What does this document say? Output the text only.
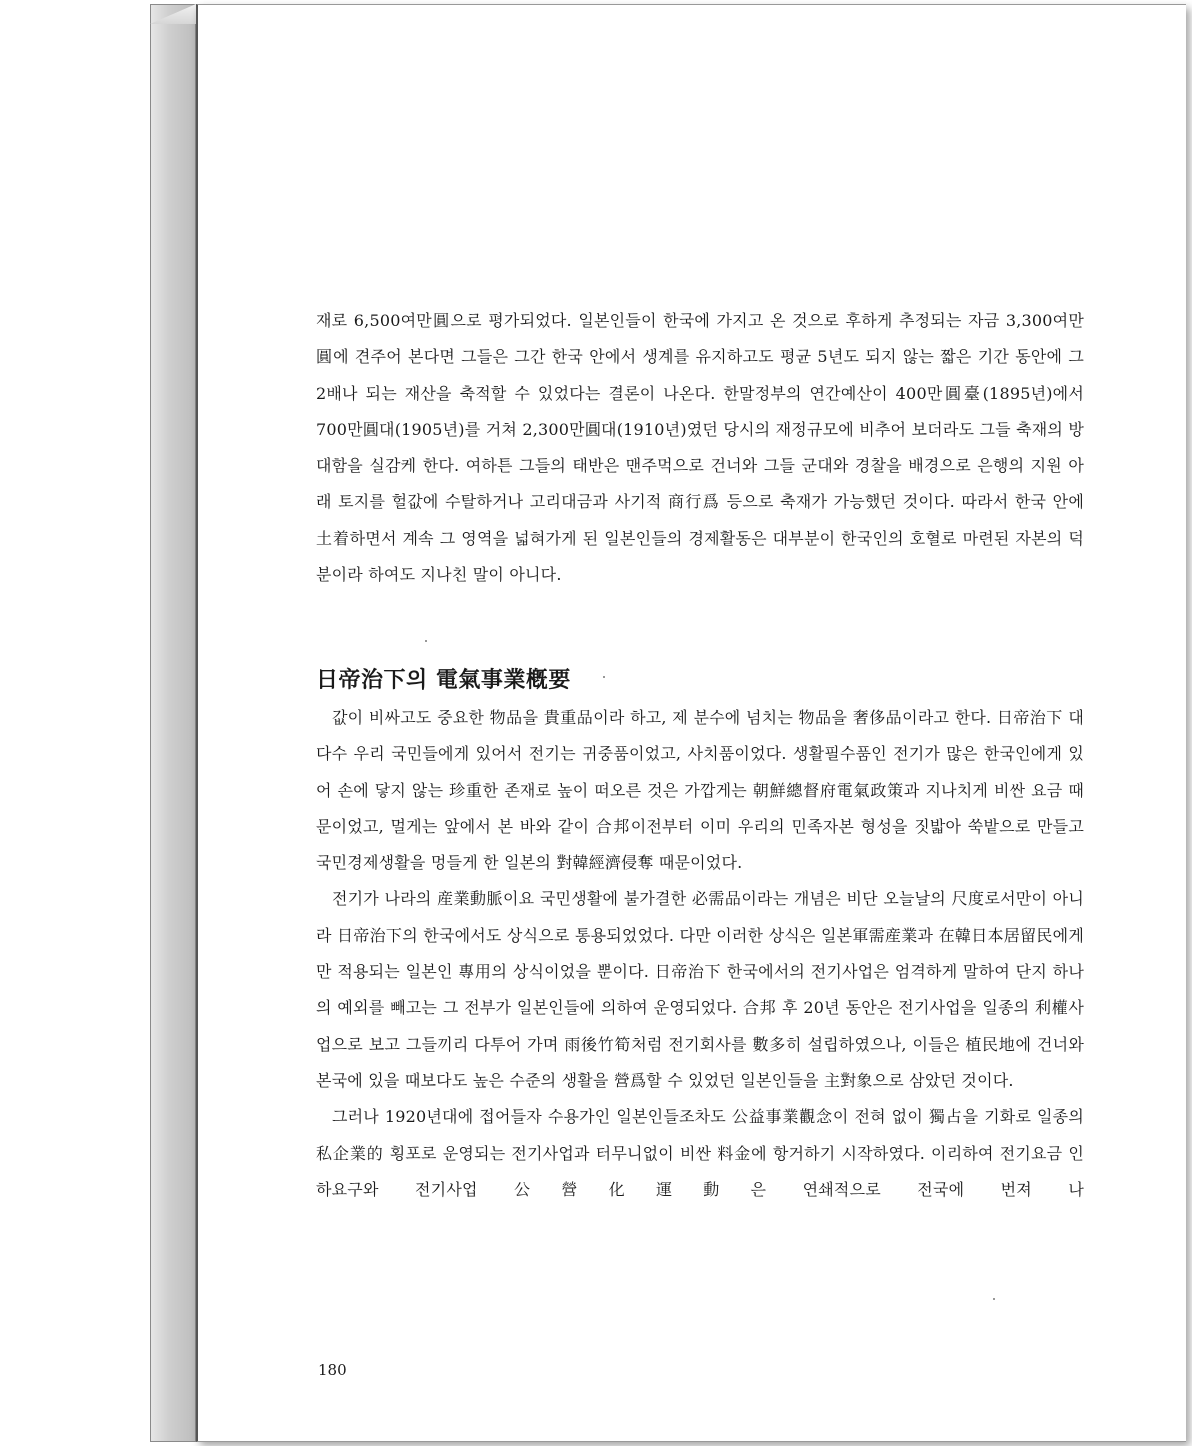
재로 6,500여만圓으로 평가되었다. 일본인들이 한국에 가지고 온 것으로 후하게 추정되는 자금 3,300여만圓에 견주어 본다면 그들은 그간 한국 안에서 생계를 유지하고도 평균 5년도 되지 않는 짧은 기간 동안에 그 2배나 되는 재산을 축적할 수 있었다는 결론이 나온다. 한말정부의 연간예산이 400만圓臺(1895년)에서 700만圓대(1905년)를 거쳐 2,300만圓대(1910년)였던 당시의 재정규모에 비추어 보더라도 그들 축재의 방대함을 실감케 한다. 여하튼 그들의 태반은 맨주먹으로 건너와 그들 군대와 경찰을 배경으로 은행의 지원 아래 토지를 헐값에 수탈하거나 고리대금과 사기적 商行爲 등으로 축재가 가능했던 것이다. 따라서 한국 안에 土着하면서 계속 그 영역을 넓혀가게 된 일본인들의 경제활동은 대부분이 한국인의 호혈로 마련된 자본의 덕분이라 하여도 지나친 말이 아니다.

日帝治下의 電氣事業槪要

값이 비싸고도 중요한 物品을 貴重品이라 하고, 제 분수에 넘치는 物品을 奢侈品이라고 한다. 日帝治下 대다수 우리 국민들에게 있어서 전기는 귀중품이었고, 사치품이었다. 생활필수품인 전기가 많은 한국인에게 있어 손에 닿지 않는 珍重한 존재로 높이 떠오른 것은 가깝게는 朝鮮總督府電氣政策과 지나치게 비싼 요금 때문이었고, 멀게는 앞에서 본 바와 같이 合邦이전부터 이미 우리의 민족자본 형성을 짓밟아 쑥밭으로 만들고 국민경제생활을 멍들게 한 일본의 對韓經濟侵奪 때문이었다.

전기가 나라의 産業動脈이요 국민생활에 불가결한 必需品이라는 개념은 비단 오늘날의 尺度로서만이 아니라 日帝治下의 한국에서도 상식으로 통용되었었다. 다만 이러한 상식은 일본軍需産業과 在韓日本居留民에게만 적용되는 일본인 專用의 상식이었을 뿐이다. 日帝治下 한국에서의 전기사업은 엄격하게 말하여 단지 하나의 예외를 빼고는 그 전부가 일본인들에 의하여 운영되었다. 合邦 후 20년 동안은 전기사업을 일종의 利權사업으로 보고 그들끼리 다투어 가며 雨後竹筍처럼 전기회사를 數多히 설립하였으나, 이들은 植民地에 건너와 본국에 있을 때보다도 높은 수준의 생활을 營爲할 수 있었던 일본인들을 主對象으로 삼았던 것이다.

그러나 1920년대에 접어들자 수용가인 일본인들조차도 公益事業觀念이 전혀 없이 獨占을 기화로 일종의 私企業的 횡포로 운영되는 전기사업과 터무니없이 비싼 料金에 항거하기 시작하였다. 이리하여 전기요금 인하요구와 전기사업 公營化運動은 연쇄적으로 전국에 번져 나

180
